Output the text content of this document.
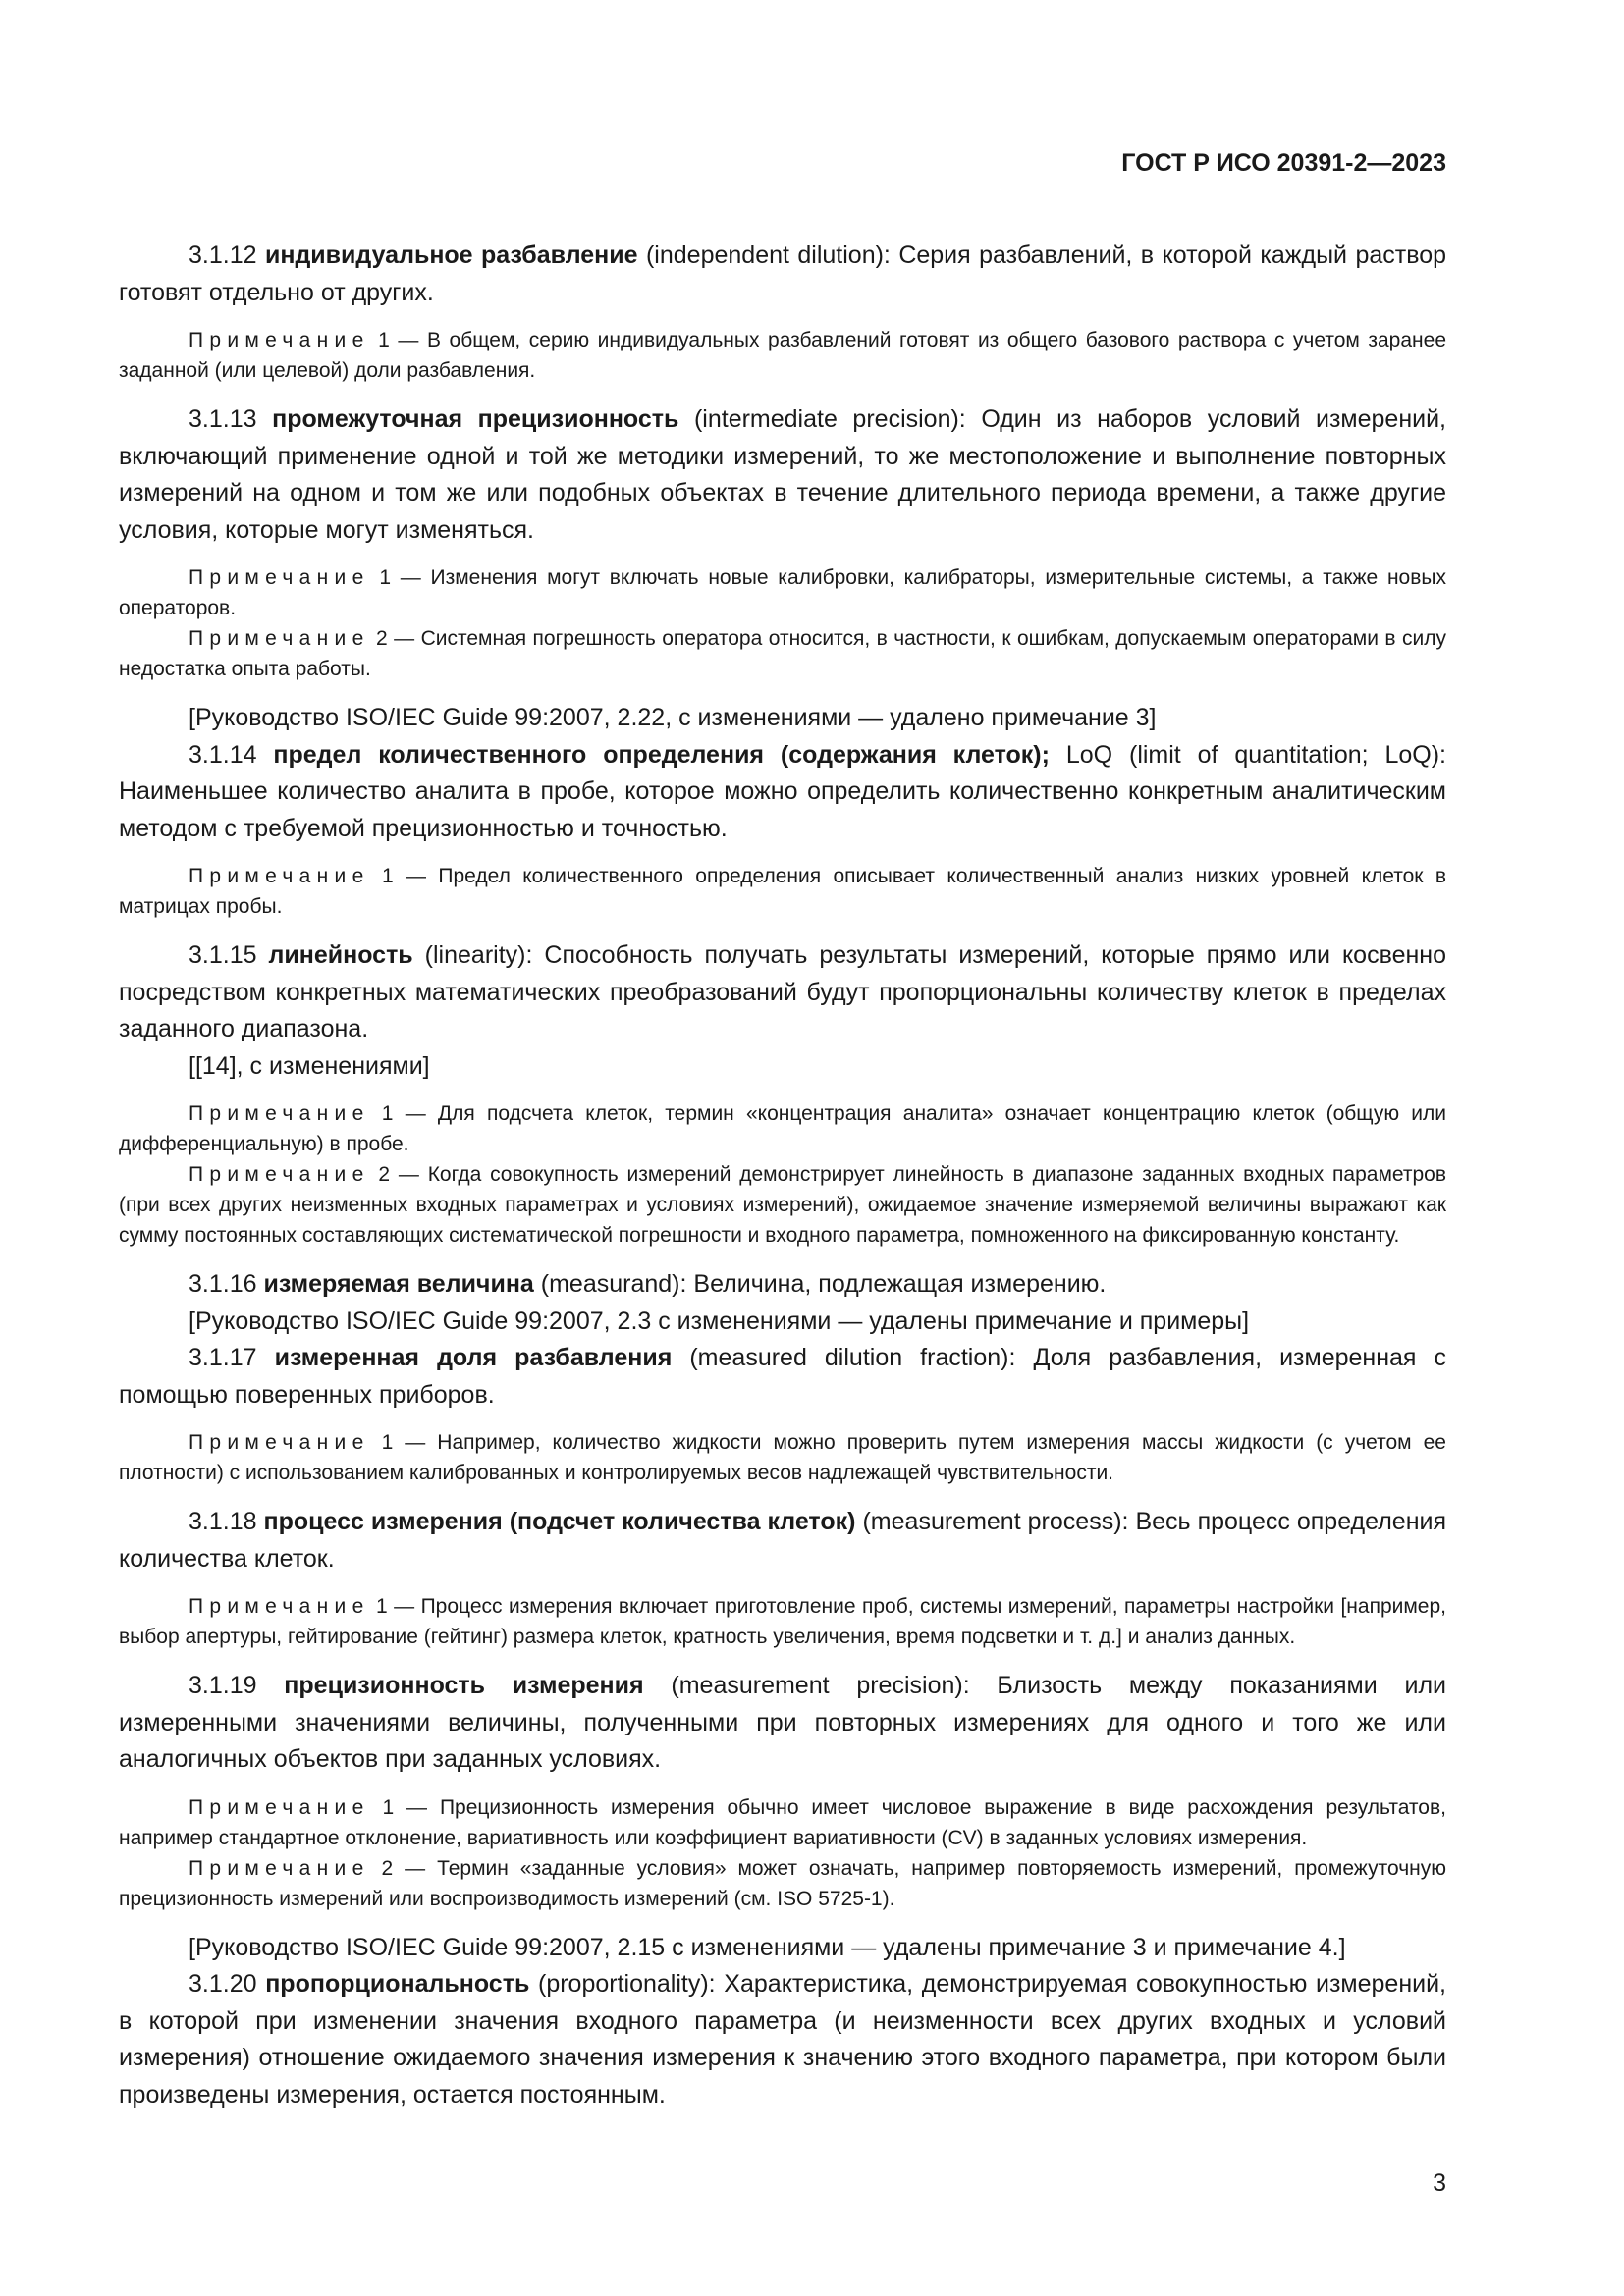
ГОСТ Р ИСО 20391-2—2023

3.1.12 индивидуальное разбавление (independent dilution): Серия разбавлений, в которой каждый раствор готовят отдельно от других.

Примечание 1 — В общем, серию индивидуальных разбавлений готовят из общего базового раствора с учетом заранее заданной (или целевой) доли разбавления.

3.1.13 промежуточная прецизионность (intermediate precision): Один из наборов условий измерений, включающий применение одной и той же методики измерений, то же местоположение и выполнение повторных измерений на одном и том же или подобных объектах в течение длительного периода времени, а также другие условия, которые могут изменяться.

Примечание 1 — Изменения могут включать новые калибровки, калибраторы, измерительные системы, а также новых операторов.

Примечание 2 — Системная погрешность оператора относится, в частности, к ошибкам, допускаемым операторами в силу недостатка опыта работы.

[Руководство ISO/IEC Guide 99:2007, 2.22, с изменениями — удалено примечание 3]

3.1.14 предел количественного определения (содержания клеток); LoQ (limit of quantitation; LoQ): Наименьшее количество аналита в пробе, которое можно определить количественно конкретным аналитическим методом с требуемой прецизионностью и точностью.

Примечание 1 — Предел количественного определения описывает количественный анализ низких уровней клеток в матрицах пробы.

3.1.15 линейность (linearity): Способность получать результаты измерений, которые прямо или косвенно посредством конкретных математических преобразований будут пропорциональны количеству клеток в пределах заданного диапазона.

[[14], с изменениями]

Примечание 1 — Для подсчета клеток, термин «концентрация аналита» означает концентрацию клеток (общую или дифференциальную) в пробе.

Примечание 2 — Когда совокупность измерений демонстрирует линейность в диапазоне заданных входных параметров (при всех других неизменных входных параметрах и условиях измерений), ожидаемое значение измеряемой величины выражают как сумму постоянных составляющих систематической погрешности и входного параметра, помноженного на фиксированную константу.

3.1.16 измеряемая величина (measurand): Величина, подлежащая измерению.

[Руководство ISO/IEC Guide 99:2007, 2.3 с изменениями — удалены примечание и примеры]

3.1.17 измеренная доля разбавления (measured dilution fraction): Доля разбавления, измеренная с помощью поверенных приборов.

Примечание 1 — Например, количество жидкости можно проверить путем измерения массы жидкости (с учетом ее плотности) с использованием калиброванных и контролируемых весов надлежащей чувствительности.

3.1.18 процесс измерения (подсчет количества клеток) (measurement process): Весь процесс определения количества клеток.

Примечание 1 — Процесс измерения включает приготовление проб, системы измерений, параметры настройки [например, выбор апертуры, гейтирование (гейтинг) размера клеток, кратность увеличения, время подсветки и т. д.] и анализ данных.

3.1.19 прецизионность измерения (measurement precision): Близость между показаниями или измеренными значениями величины, полученными при повторных измерениях для одного и того же или аналогичных объектов при заданных условиях.

Примечание 1 — Прецизионность измерения обычно имеет числовое выражение в виде расхождения результатов, например стандартное отклонение, вариативность или коэффициент вариативности (CV) в заданных условиях измерения.

Примечание 2 — Термин «заданные условия» может означать, например повторяемость измерений, промежуточную прецизионность измерений или воспроизводимость измерений (см. ISO 5725-1).

[Руководство ISO/IEC Guide 99:2007, 2.15 с изменениями — удалены примечание 3 и примечание 4.]

3.1.20 пропорциональность (proportionality): Характеристика, демонстрируемая совокупностью измерений, в которой при изменении значения входного параметра (и неизменности всех других входных и условий измерения) отношение ожидаемого значения измерения к значению этого входного параметра, при котором были произведены измерения, остается постоянным.

3
